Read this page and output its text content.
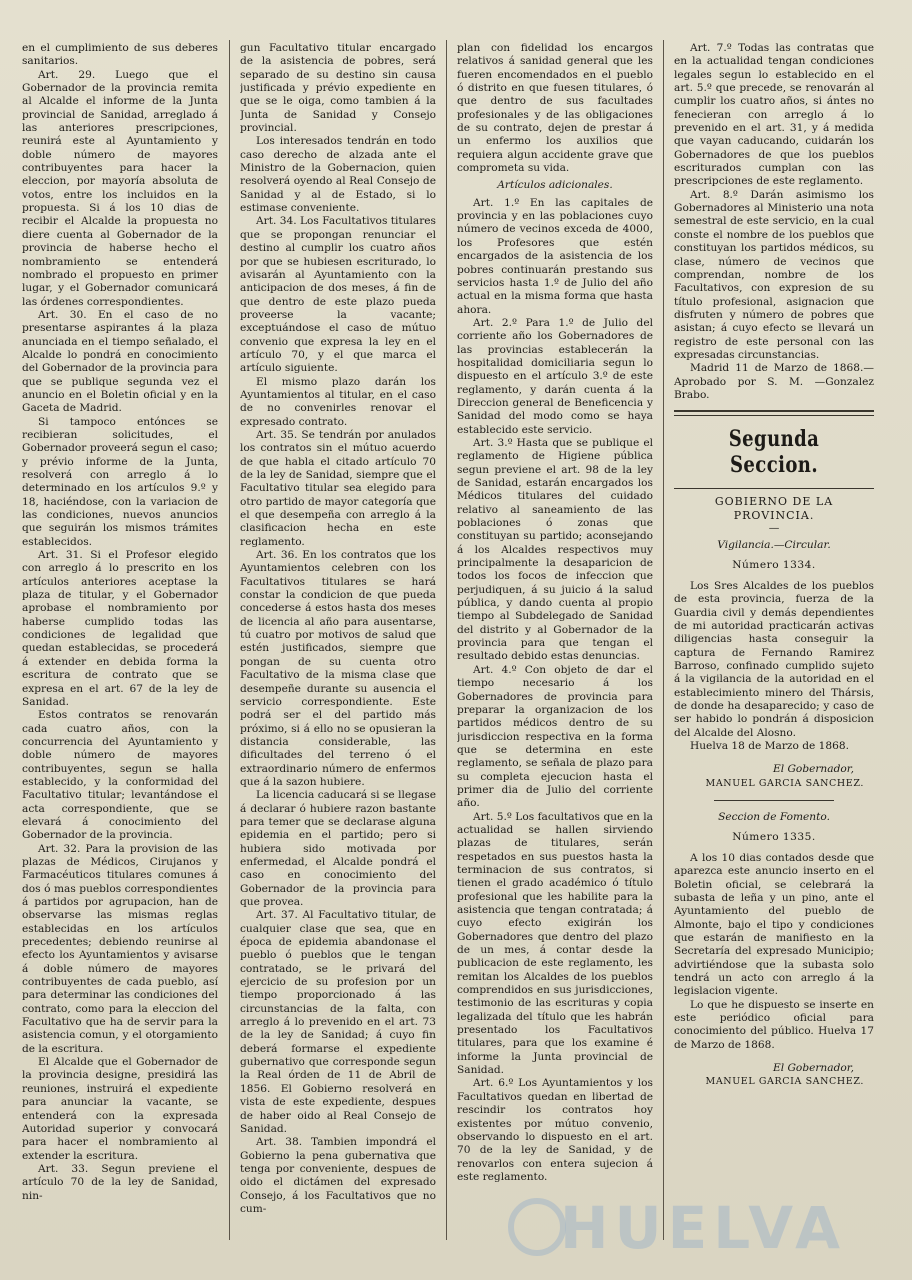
en el cumplimiento de sus deberes sanitarios.

Art. 29. Luego que el Gobernador de la provincia remita al Alcalde el informe de la Junta provincial de Sanidad, arreglado á las anteriores prescripciones, reunirá este al Ayuntamiento y doble número de mayores contribuyentes para hacer la eleccion, por mayoría absoluta de votos, entre los incluidos en la propuesta. Si á los 10 dias de recibir el Alcalde la propuesta no diere cuenta al Gobernador de la provincia de haberse hecho el nombramiento se entenderá nombrado el propuesto en primer lugar, y el Gobernador comunicará las órdenes correspondientes.

Art. 30. En el caso de no presentarse aspirantes á la plaza anunciada en el tiempo señalado, el Alcalde lo pondrá en conocimiento del Gobernador de la provincia para que se publique segunda vez el anuncio en el Boletin oficial y en la Gaceta de Madrid.

Si tampoco entónces se recibieran solicitudes, el Gobernador proveerá segun el caso; y prévio informe de la Junta, resolverá con arreglo á lo determinado en los artículos 9.º y 18, haciéndose, con la variacion de las condiciones, nuevos anuncios que seguirán los mismos trámites establecidos.

Art. 31. Si el Profesor elegido con arreglo á lo prescrito en los artículos anteriores aceptase la plaza de titular, y el Gobernador aprobase el nombramiento por haberse cumplido todas las condiciones de legalidad que quedan establecidas, se procederá á extender en debida forma la escritura de contrato que se expresa en el art. 67 de la ley de Sanidad.

Estos contratos se renovarán cada cuatro años, con la concurrencia del Ayuntamiento y doble número de mayores contribuyentes, segun se halla establecido, y la conformidad del Facultativo titular; levantándose el acta correspondiente, que se elevará á conocimiento del Gobernador de la provincia.

Art. 32. Para la provision de las plazas de Médicos, Cirujanos y Farmacéuticos titulares comunes á dos ó mas pueblos correspondientes á partidos por agrupacion, han de observarse las mismas reglas establecidas en los artículos precedentes; debiendo reunirse al efecto los Ayuntamientos y avisarse á doble número de mayores contribuyentes de cada pueblo, así para determinar las condiciones del contrato, como para la eleccion del Facultativo que ha de servir para la asistencia comun, y el otorgamiento de la escritura.

El Alcalde que el Gobernador de la provincia designe, presidirá las reuniones, instruirá el expediente para anunciar la vacante, se entenderá con la expresada Autoridad superior y convocará para hacer el nombramiento al extender la escritura.

Art. 33. Segun previene el artículo 70 de la ley de Sanidad, nin-

gun Facultativo titular encargado de la asistencia de pobres, será separado de su destino sin causa justificada y prévio expediente en que se le oiga, como tambien á la Junta de Sanidad y Consejo provincial.

Los interesados tendrán en todo caso derecho de alzada ante el Ministro de la Gobernacion, quien resolverá oyendo al Real Consejo de Sanidad y al de Estado, si lo estimase conveniente.

Art. 34. Los Facultativos titulares que se propongan renunciar el destino al cumplir los cuatro años por que se hubiesen escriturado, lo avisarán al Ayuntamiento con la anticipacion de dos meses, á fin de que dentro de este plazo pueda proveerse la vacante; exceptuándose el caso de mútuo convenio que expresa la ley en el artículo 70, y el que marca el artículo siguiente.

El mismo plazo darán los Ayuntamientos al titular, en el caso de no convenirles renovar el expresado contrato.

Art. 35. Se tendrán por anulados los contratos sin el mútuo acuerdo de que habla el citado artículo 70 de la ley de Sanidad, siempre que el Facultativo titular sea elegido para otro partido de mayor categoría que el que desempeña con arreglo á la clasificacion hecha en este reglamento.

Art. 36. En los contratos que los Ayuntamientos celebren con los Facultativos titulares se hará constar la condicion de que pueda concederse á estos hasta dos meses de licencia al año para ausentarse, tú cuatro por motivos de salud que estén justificados, siempre que pongan de su cuenta otro Facultativo de la misma clase que desempeñe durante su ausencia el servicio correspondiente. Este podrá ser el del partido más próximo, si á ello no se opusieran la distancia considerable, las dificultades del terreno ó el extraordinario número de enfermos que á la sazon hubiere.

La licencia caducará si se llegase á declarar ó hubiere razon bastante para temer que se declarase alguna epidemia en el partido; pero si hubiera sido motivada por enfermedad, el Alcalde pondrá el caso en conocimiento del Gobernador de la provincia para que provea.

Art. 37. Al Facultativo titular, de cualquier clase que sea, que en época de epidemia abandonase el pueblo ó pueblos que le tengan contratado, se le privará del ejercicio de su profesion por un tiempo proporcionado á las circunstancias de la falta, con arreglo á lo prevenido en el art. 73 de la ley de Sanidad; á cuyo fin deberá formarse el expediente gubernativo que corresponde segun la Real órden de 11 de Abril de 1856. El Gobierno resolverá en vista de este expediente, despues de haber oido al Real Consejo de Sanidad.

Art. 38. Tambien impondrá el Gobierno la pena gubernativa que tenga por conveniente, despues de oido el dictámen del expresado Consejo, á los Facultativos que no cum-

plan con fidelidad los encargos relativos á sanidad general que les fueren encomendados en el pueblo ó distrito en que fuesen titulares, ó que dentro de sus facultades profesionales y de las obligaciones de su contrato, dejen de prestar á un enfermo los auxilios que requiera algun accidente grave que comprometa su vida.

Artículos adicionales.

Art. 1.º En las capitales de provincia y en las poblaciones cuyo número de vecinos exceda de 4000, los Profesores que estén encargados de la asistencia de los pobres continuarán prestando sus servicios hasta 1.º de Julio del año actual en la misma forma que hasta ahora.

Art. 2.º Para 1.º de Julio del corriente año los Gobernadores de las provincias establecerán la hospitalidad domiciliaria segun lo dispuesto en el artículo 3.º de este reglamento, y darán cuenta á la Direccion general de Beneficencia y Sanidad del modo como se haya establecido este servicio.

Art. 3.º Hasta que se publique el reglamento de Higiene pública segun previene el art. 98 de la ley de Sanidad, estarán encargados los Médicos titulares del cuidado relativo al saneamiento de las poblaciones ó zonas que constituyan su partido; aconsejando á los Alcaldes respectivos muy principalmente la desaparicion de todos los focos de infeccion que perjudiquen, á su juicio á la salud pública, y dando cuenta al propio tiempo al Subdelegado de Sanidad del distrito y al Gobernador de la provincia para que tengan el resultado debido estas denuncias.

Art. 4.º Con objeto de dar el tiempo necesario á los Gobernadores de provincia para preparar la organizacion de los partidos médicos dentro de su jurisdiccion respectiva en la forma que se determina en este reglamento, se señala de plazo para su completa ejecucion hasta el primer dia de Julio del corriente año.

Art. 5.º Los facultativos que en la actualidad se hallen sirviendo plazas de titulares, serán respetados en sus puestos hasta la terminacion de sus contratos, si tienen el grado académico ó título profesional que les habilite para la asistencia que tengan contratada; á cuyo efecto exigirán los Gobernadores que dentro del plazo de un mes, á contar desde la publicacion de este reglamento, les remitan los Alcaldes de los pueblos comprendidos en sus jurisdicciones, testimonio de las escrituras y copia legalizada del título que les habrán presentado los Facultativos titulares, para que los examine é informe la Junta provincial de Sanidad.

Art. 6.º Los Ayuntamientos y los Facultativos quedan en libertad de rescindir los contratos hoy existentes por mútuo convenio, observando lo dispuesto en el art. 70 de la ley de Sanidad, y de renovarlos con entera sujecion á este reglamento.

Art. 7.º Todas las contratas que en la actualidad tengan condiciones legales segun lo establecido en el art. 5.º que precede, se renovarán al cumplir los cuatro años, si ántes no fenecieran con arreglo á lo prevenido en el art. 31, y á medida que vayan caducando, cuidarán los Gobernadores de que los pueblos escriturados cumplan con las prescripciones de este reglamento.

Art. 8.º Darán asimismo los Gobernadores al Ministerio una nota semestral de este servicio, en la cual conste el nombre de los pueblos que constituyan los partidos médicos, su clase, número de vecinos que comprendan, nombre de los Facultativos, con expresion de su título profesional, asignacion que disfruten y número de pobres que asistan; á cuyo efecto se llevará un registro de este personal con las expresadas circunstancias.

Madrid 11 de Marzo de 1868.— Aprobado por S. M. —Gonzalez Brabo.

Segunda Seccion.

GOBIERNO DE LA PROVINCIA.

—

Vigilancia.—Circular.

Número 1334.

Los Sres Alcaldes de los pueblos de esta provincia, fuerza de la Guardia civil y demás dependientes de mi autoridad practicarán activas diligencias hasta conseguir la captura de Fernando Ramirez Barroso, confinado cumplido sujeto á la vigilancia de la autoridad en el establecimiento minero del Thársis, de donde ha desaparecido; y caso de ser habido lo pondrán á disposicion del Alcalde del Alosno.

Huelva 18 de Marzo de 1868.

El Gobernador,

MANUEL GARCIA SANCHEZ.

Seccion de Fomento.

Número 1335.

A los 10 dias contados desde que aparezca este anuncio inserto en el Boletin oficial, se celebrará la subasta de leña y un pino, ante el Ayuntamiento del pueblo de Almonte, bajo el tipo y condiciones que estarán de manifiesto en la Secretaría del expresado Municipio; advirtiéndose que la subasta solo tendrá un acto con arreglo á la legislacion vigente.

Lo que he dispuesto se inserte en este periódico oficial para conocimiento del público. Huelva 17 de Marzo de 1868.

El Gobernador,

MANUEL GARCIA SANCHEZ.

HUELVA
